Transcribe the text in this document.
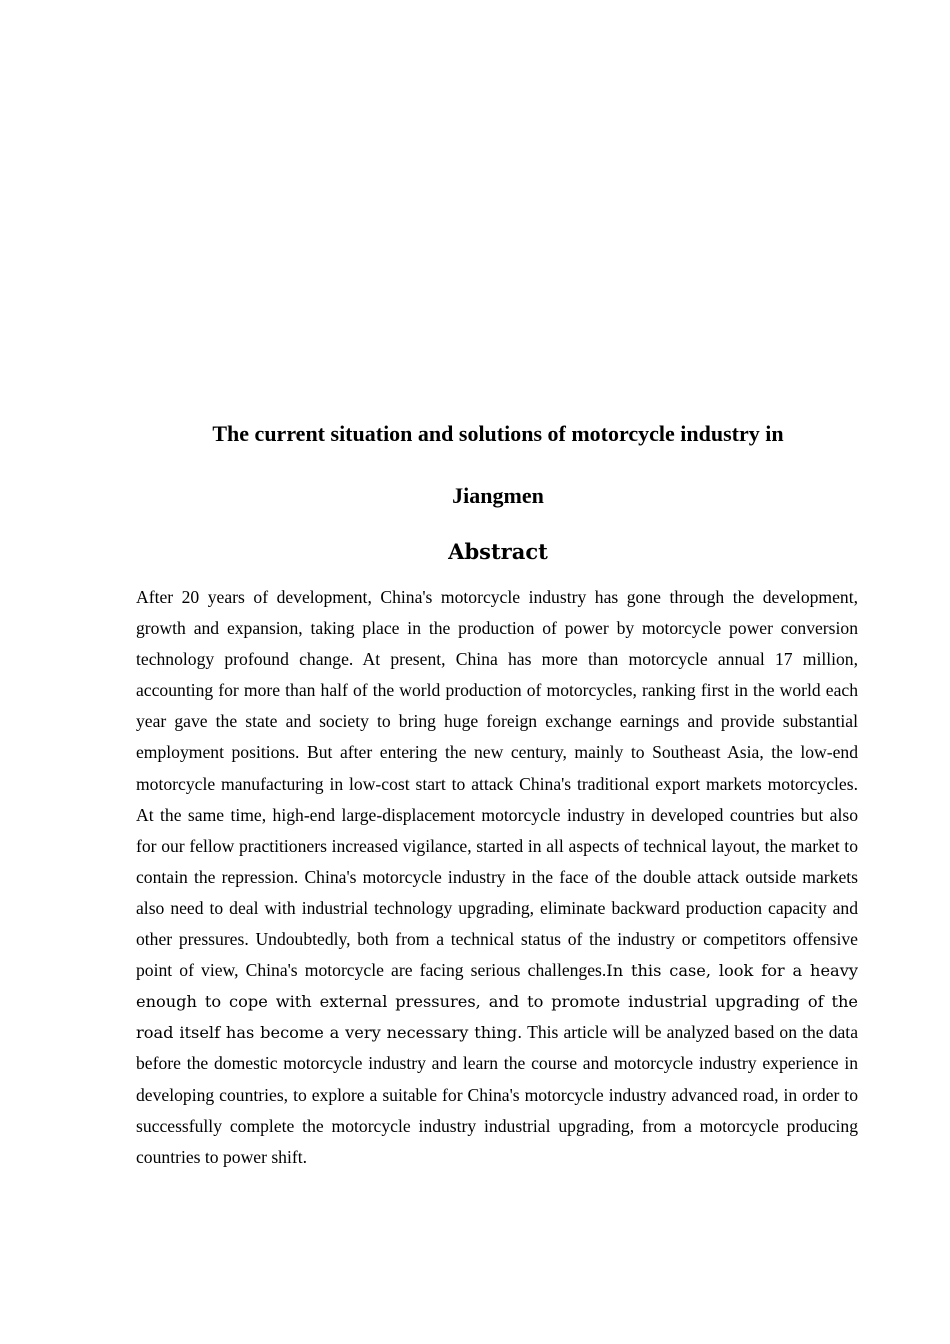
The current situation and solutions of motorcycle industry in

Jiangmen

Abstract

After 20 years of development, China's motorcycle industry has gone through the development, growth and expansion, taking place in the production of power by motorcycle power conversion technology profound change. At present, China has more than motorcycle annual 17 million, accounting for more than half of the world production of motorcycles, ranking first in the world each year gave the state and society to bring huge foreign exchange earnings and provide substantial employment positions. But after entering the new century, mainly to Southeast Asia, the low-end motorcycle manufacturing in low-cost start to attack China's traditional export markets motorcycles. At the same time, high-end large-displacement motorcycle industry in developed countries but also for our fellow practitioners increased vigilance, started in all aspects of technical layout, the market to contain the repression. China's motorcycle industry in the face of the double attack outside markets also need to deal with industrial technology upgrading, eliminate backward production capacity and other pressures. Undoubtedly, both from a technical status of the industry or competitors offensive point of view, China's motorcycle are facing serious challenges.In this case, look for a heavy enough to cope with external pressures, and to promote industrial upgrading of the road itself has become a very necessary thing. This article will be analyzed based on the data before the domestic motorcycle industry and learn the course and motorcycle industry experience in developing countries, to explore a suitable for China's motorcycle industry advanced road, in order to successfully complete the motorcycle industry industrial upgrading, from a motorcycle producing countries to power shift.
